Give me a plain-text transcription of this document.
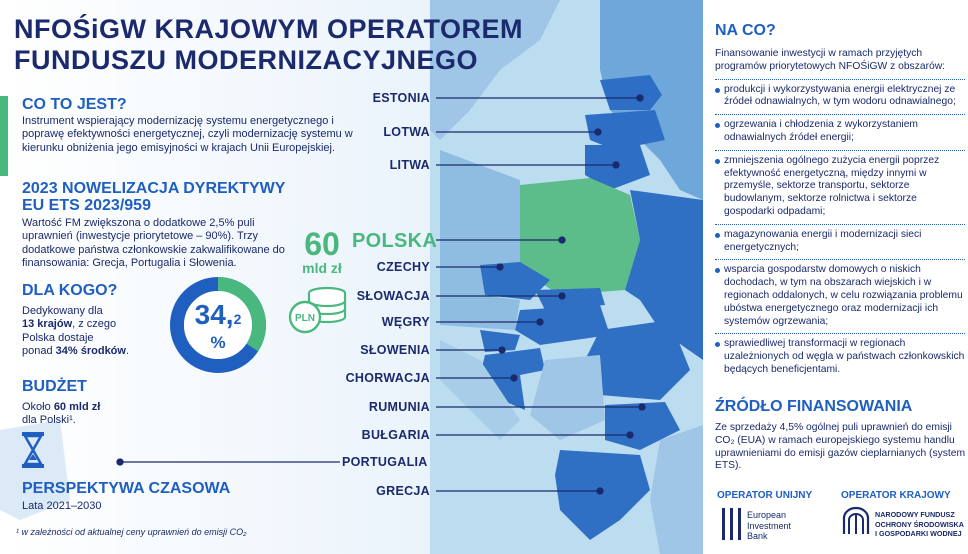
NFOŚiGW KRAJOWYM OPERATOREM
FUNDUSZU MODERNIZACYJNEGO
CO TO JEST?
Instrument wspierający modernizację systemu energetycznego i poprawę efektywności energetycznej, czyli modernizację systemu w kierunku obniżenia jego emisyjności w krajach Unii Europejskiej.
2023 NOWELIZACJA DYREKTYWY
EU ETS 2023/959
Wartość FM zwiększona o dodatkowe 2,5% puli uprawnień (inwestycje priorytetowe – 90%). Trzy dodatkowe państwa członkowskie zakwalifikowane do finansowania: Grecja, Portugalia i Słowenia.
DLA KOGO?
Dedykowany dla
13 krajów, z czego
Polska dostaje
ponad 34% środków.
34,2
%
BUDŻET
Około 60 mld zł
dla Polski¹.
PERSPEKTYWA CZASOWA
Lata 2021–2030
¹ w zależności od aktualnej ceny uprawnień do emisji CO₂
60
mld zł
PLN
ESTONIA
LOTWA
LITWA
POLSKA
CZECHY
SŁOWACJA
WĘGRY
SŁOWENIA
CHORWACJA
RUMUNIA
BUŁGARIA
PORTUGALIA
GRECJA
NA CO?
Finansowanie inwestycji w ramach przyjętych programów priorytetowych NFOŚiGW z obszarów:
produkcji i wykorzystywania energii elektrycznej ze źródeł odnawialnych, w tym wodoru odnawialnego;
ogrzewania i chłodzenia z wykorzystaniem odnawialnych źródeł energii;
zmniejszenia ogólnego zużycia energii poprzez efektywność energetyczną, między innymi w przemyśle, sektorze transportu, sektorze budowlanym, sektorze rolnictwa i sektorze gospodarki odpadami;
magazynowania energii i modernizacji sieci energetycznych;
wsparcia gospodarstw domowych o niskich dochodach, w tym na obszarach wiejskich i w regionach oddalonych, w celu rozwiązania problemu ubóstwa energetycznego oraz modernizacji ich systemów ogrzewania;
sprawiedliwej transformacji w regionach uzależnionych od węgla w państwach członkowskich będących beneficjentami.
ŹRÓDŁO FINANSOWANIA
Ze sprzedaży 4,5% ogólnej puli uprawnień do emisji CO₂ (EUA) w ramach europejskiego systemu handlu uprawnieniami do emisji gazów cieplarnianych (system ETS).
OPERATOR UNIJNY	OPERATOR KRAJOWY
European
Investment
Bank
NARODOWY FUNDUSZ
OCHRONY ŚRODOWISKA
I GOSPODARKI WODNEJ
